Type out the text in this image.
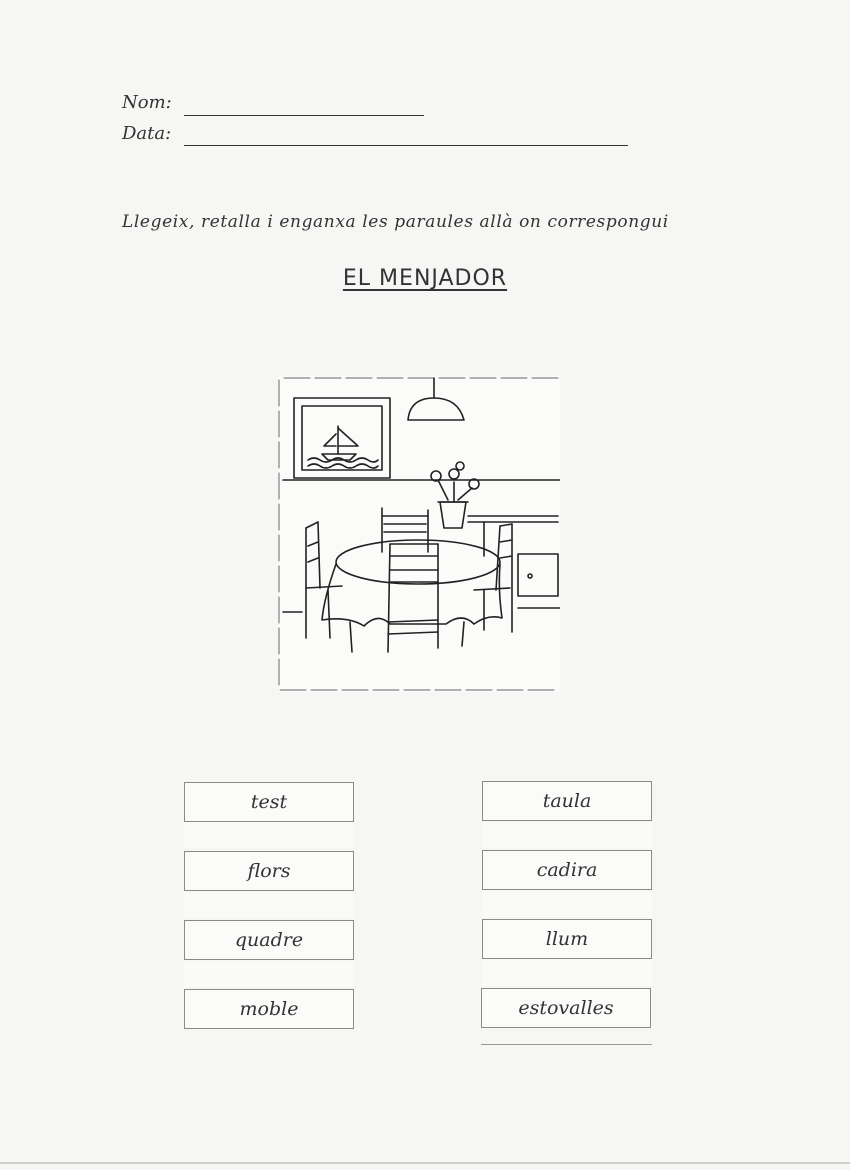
Nom:
Data:
Llegeix, retalla i enganxa les paraules allà on correspongui
EL MENJADOR
test
flors
quadre
moble
taula
cadira
llum
estovalles
